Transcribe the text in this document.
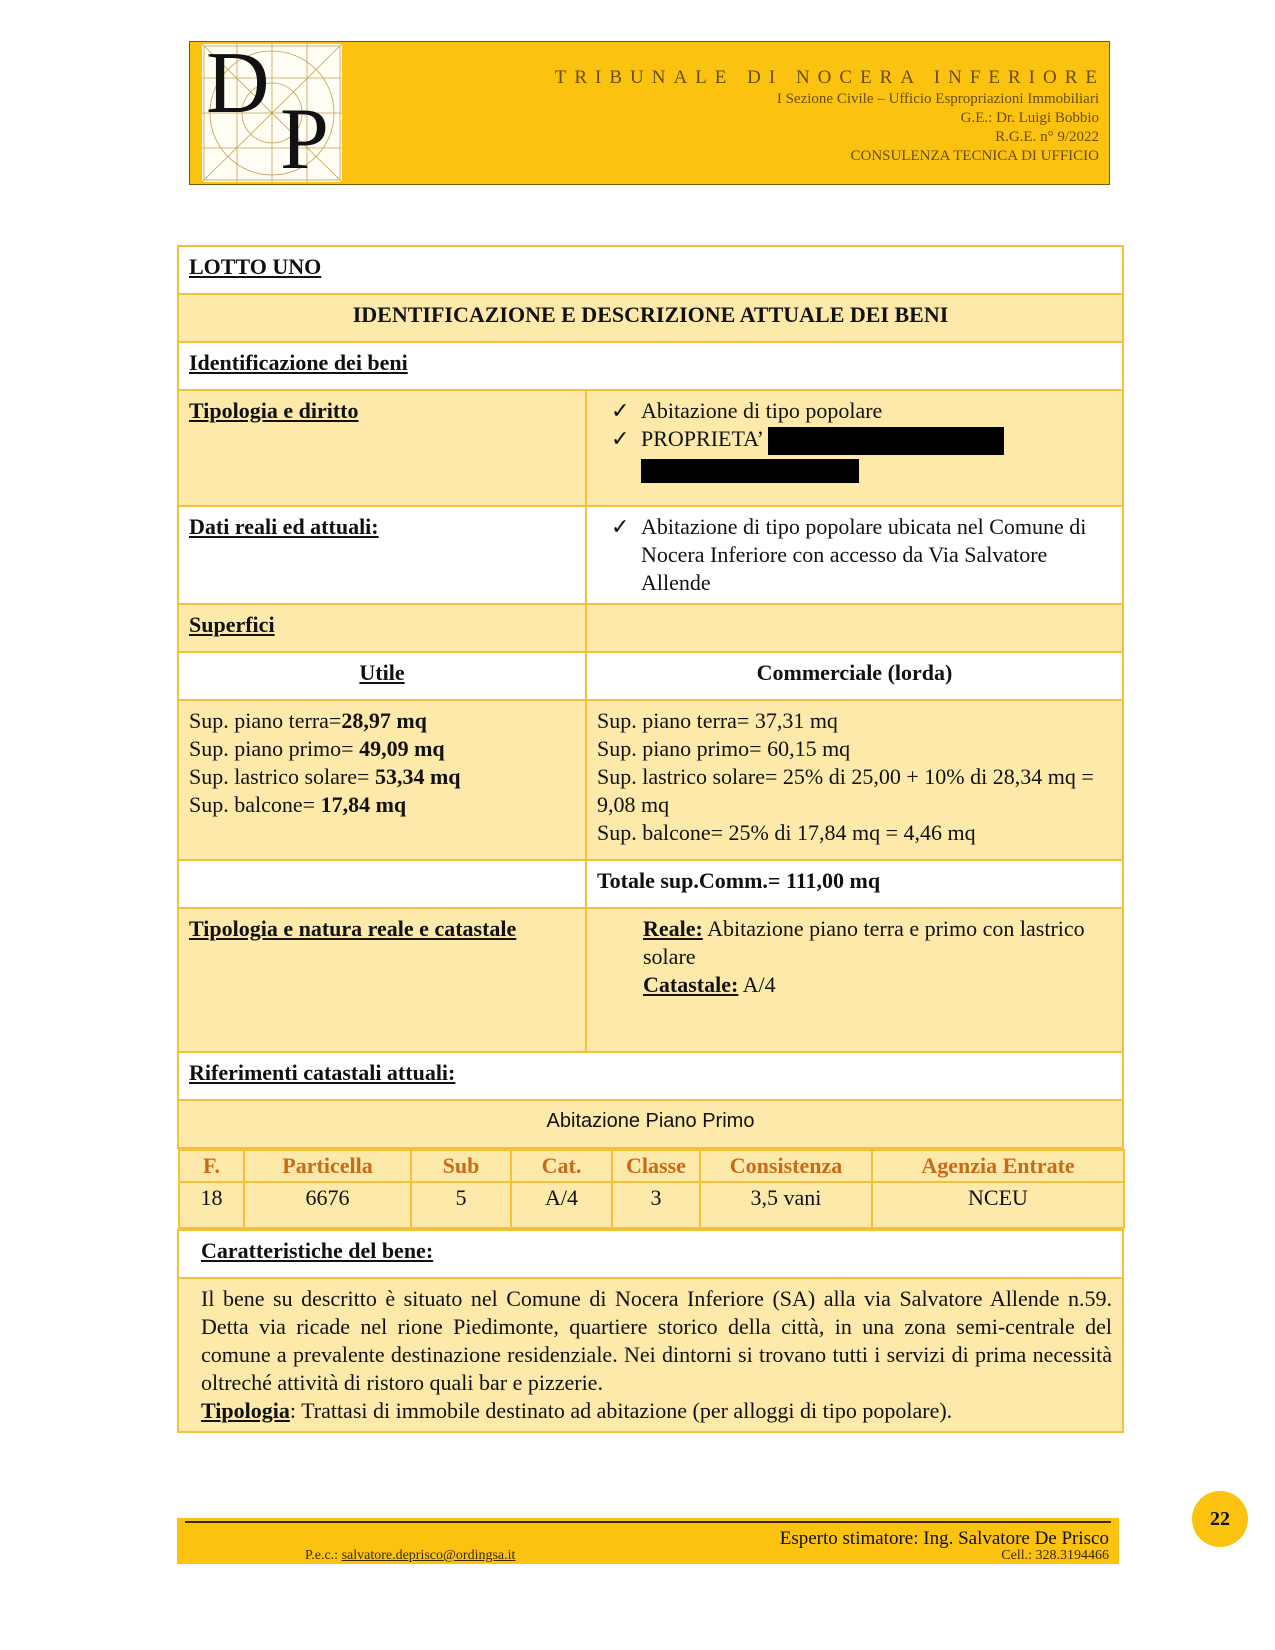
D
P
TRIBUNALE DI NOCERA INFERIORE
I Sezione Civile – Ufficio Espropriazioni Immobiliari
G.E.: Dr. Luigi Bobbio
R.G.E. n° 9/2022
CONSULENZA TECNICA DI UFFICIO
LOTTO UNO
IDENTIFICAZIONE E DESCRIZIONE ATTUALE DEI BENI
Identificazione dei beni
Tipologia e diritto	✓ Abitazione di tipo popolare
✓ PROPRIETA’

Dati reali ed attuali:	✓ Abitazione di tipo popolare ubicata nel Comune di Nocera Inferiore con accesso da Via Salvatore Allende

Superfici	
Utile	Commerciale (lorda)

Sup. piano terra=28,97 mq
Sup. piano primo= 49,09 mq
Sup. lastrico solare= 53,34 mq
Sup. balcone= 17,84 mq

Sup. piano terra= 37,31 mq
Sup. piano primo= 60,15 mq
Sup. lastrico solare= 25% di 25,00 + 10% di 28,34 mq = 9,08 mq
Sup. balcone= 25% di 17,84 mq = 4,46 mq

	Totale sup.Comm.= 111,00 mq
Tipologia e natura reale e catastale	Reale: Abitazione piano terra e primo con lastrico solare
Catastale: A/4

Riferimenti catastali attuali:
Abitazione Piano Primo

F.	Particella	Sub	Cat.	Classe	Consistenza	Agenzia Entrate
18	6676	5	A/4	3	3,5 vani	NCEU

Caratteristiche del bene:

Il bene su descritto è situato nel Comune di Nocera Inferiore (SA) alla via Salvatore Allende n.59. Detta via ricade nel rione Piedimonte, quartiere storico della città, in una zona semi-centrale del comune a prevalente destinazione residenziale. Nei dintorni si trovano tutti i servizi di prima necessità oltreché attività di ristoro quali bar e pizzerie.
Tipologia: Trattasi di immobile destinato ad abitazione (per alloggi di tipo popolare).
Esperto stimatore: Ing. Salvatore De Prisco
P.e.c.: salvatore.deprisco@ordingsa.it	Cell.: 328.3194466
22
